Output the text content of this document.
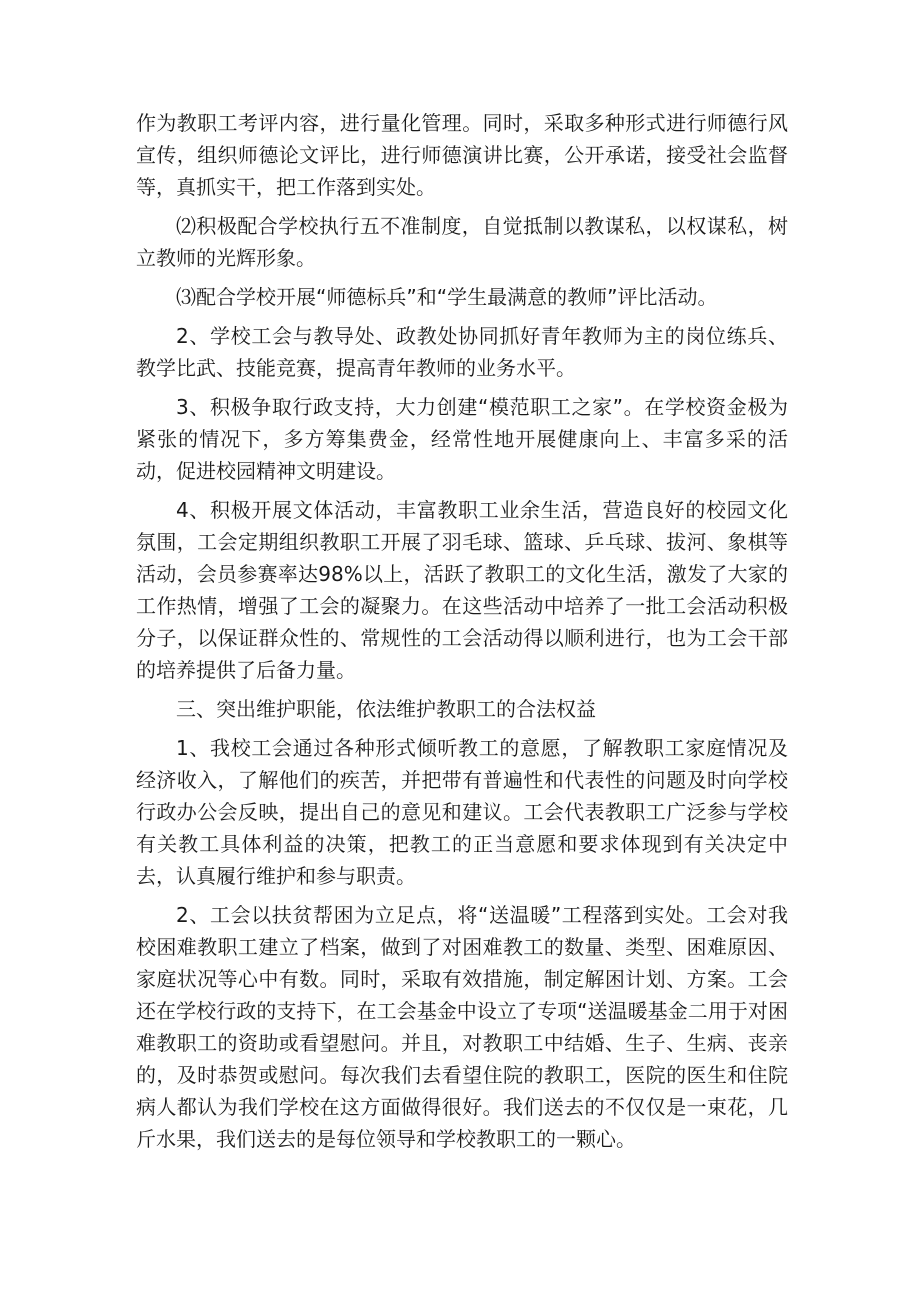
作为教职工考评内容，进行量化管理。同时，采取多种形式进行师德行风宣传，组织师德论文评比，进行师德演讲比赛，公开承诺，接受社会监督等，真抓实干，把工作落到实处。

⑵积极配合学校执行五不准制度，自觉抵制以教谋私，以权谋私，树立教师的光辉形象。

⑶配合学校开展“师德标兵”和“学生最满意的教师”评比活动。

2、学校工会与教导处、政教处协同抓好青年教师为主的岗位练兵、教学比武、技能竞赛，提高青年教师的业务水平。

3、积极争取行政支持，大力创建“模范职工之家”。在学校资金极为紧张的情况下，多方筹集费金，经常性地开展健康向上、丰富多采的活动，促进校园精神文明建设。

4、积极开展文体活动，丰富教职工业余生活，营造良好的校园文化氛围，工会定期组织教职工开展了羽毛球、篮球、乒乓球、拔河、象棋等活动，会员参赛率达98%以上，活跃了教职工的文化生活，激发了大家的工作热情，增强了工会的凝聚力。在这些活动中培养了一批工会活动积极分子，以保证群众性的、常规性的工会活动得以顺利进行，也为工会干部的培养提供了后备力量。

三、突出维护职能，依法维护教职工的合法权益

1、我校工会通过各种形式倾听教工的意愿，了解教职工家庭情况及经济收入，了解他们的疾苦，并把带有普遍性和代表性的问题及时向学校行政办公会反映，提出自己的意见和建议。工会代表教职工广泛参与学校有关教工具体利益的决策，把教工的正当意愿和要求体现到有关决定中去，认真履行维护和参与职责。

2、工会以扶贫帮困为立足点，将“送温暖”工程落到实处。工会对我校困难教职工建立了档案，做到了对困难教工的数量、类型、困难原因、家庭状况等心中有数。同时，采取有效措施，制定解困计划、方案。工会还在学校行政的支持下，在工会基金中设立了专项“送温暖基金二用于对困难教职工的资助或看望慰问。并且，对教职工中结婚、生子、生病、丧亲的，及时恭贺或慰问。每次我们去看望住院的教职工，医院的医生和住院病人都认为我们学校在这方面做得很好。我们送去的不仅仅是一束花，几斤水果，我们送去的是每位领导和学校教职工的一颗心。
